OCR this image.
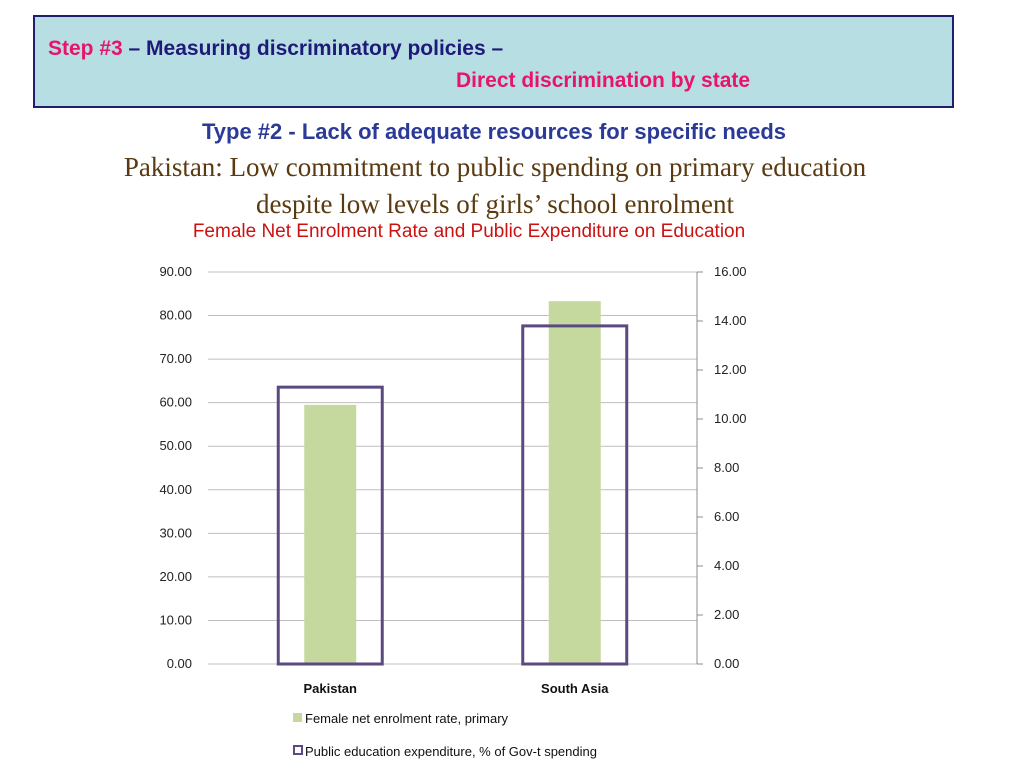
Step #3 – Measuring discriminatory policies –
Direct discrimination by state
Type #2 - Lack of adequate resources for specific needs
Pakistan: Low commitment to public spending on primary education
despite low levels of girls’ school enrolment
Female Net Enrolment Rate and Public Expenditure on Education
0.00
10.00
20.00
30.00
40.00
50.00
60.00
70.00
80.00
90.00
0.00
2.00
4.00
6.00
8.00
10.00
12.00
14.00
16.00
Pakistan	South Asia
Female net enrolment rate, primary
Public education expenditure, % of Gov-t spending
